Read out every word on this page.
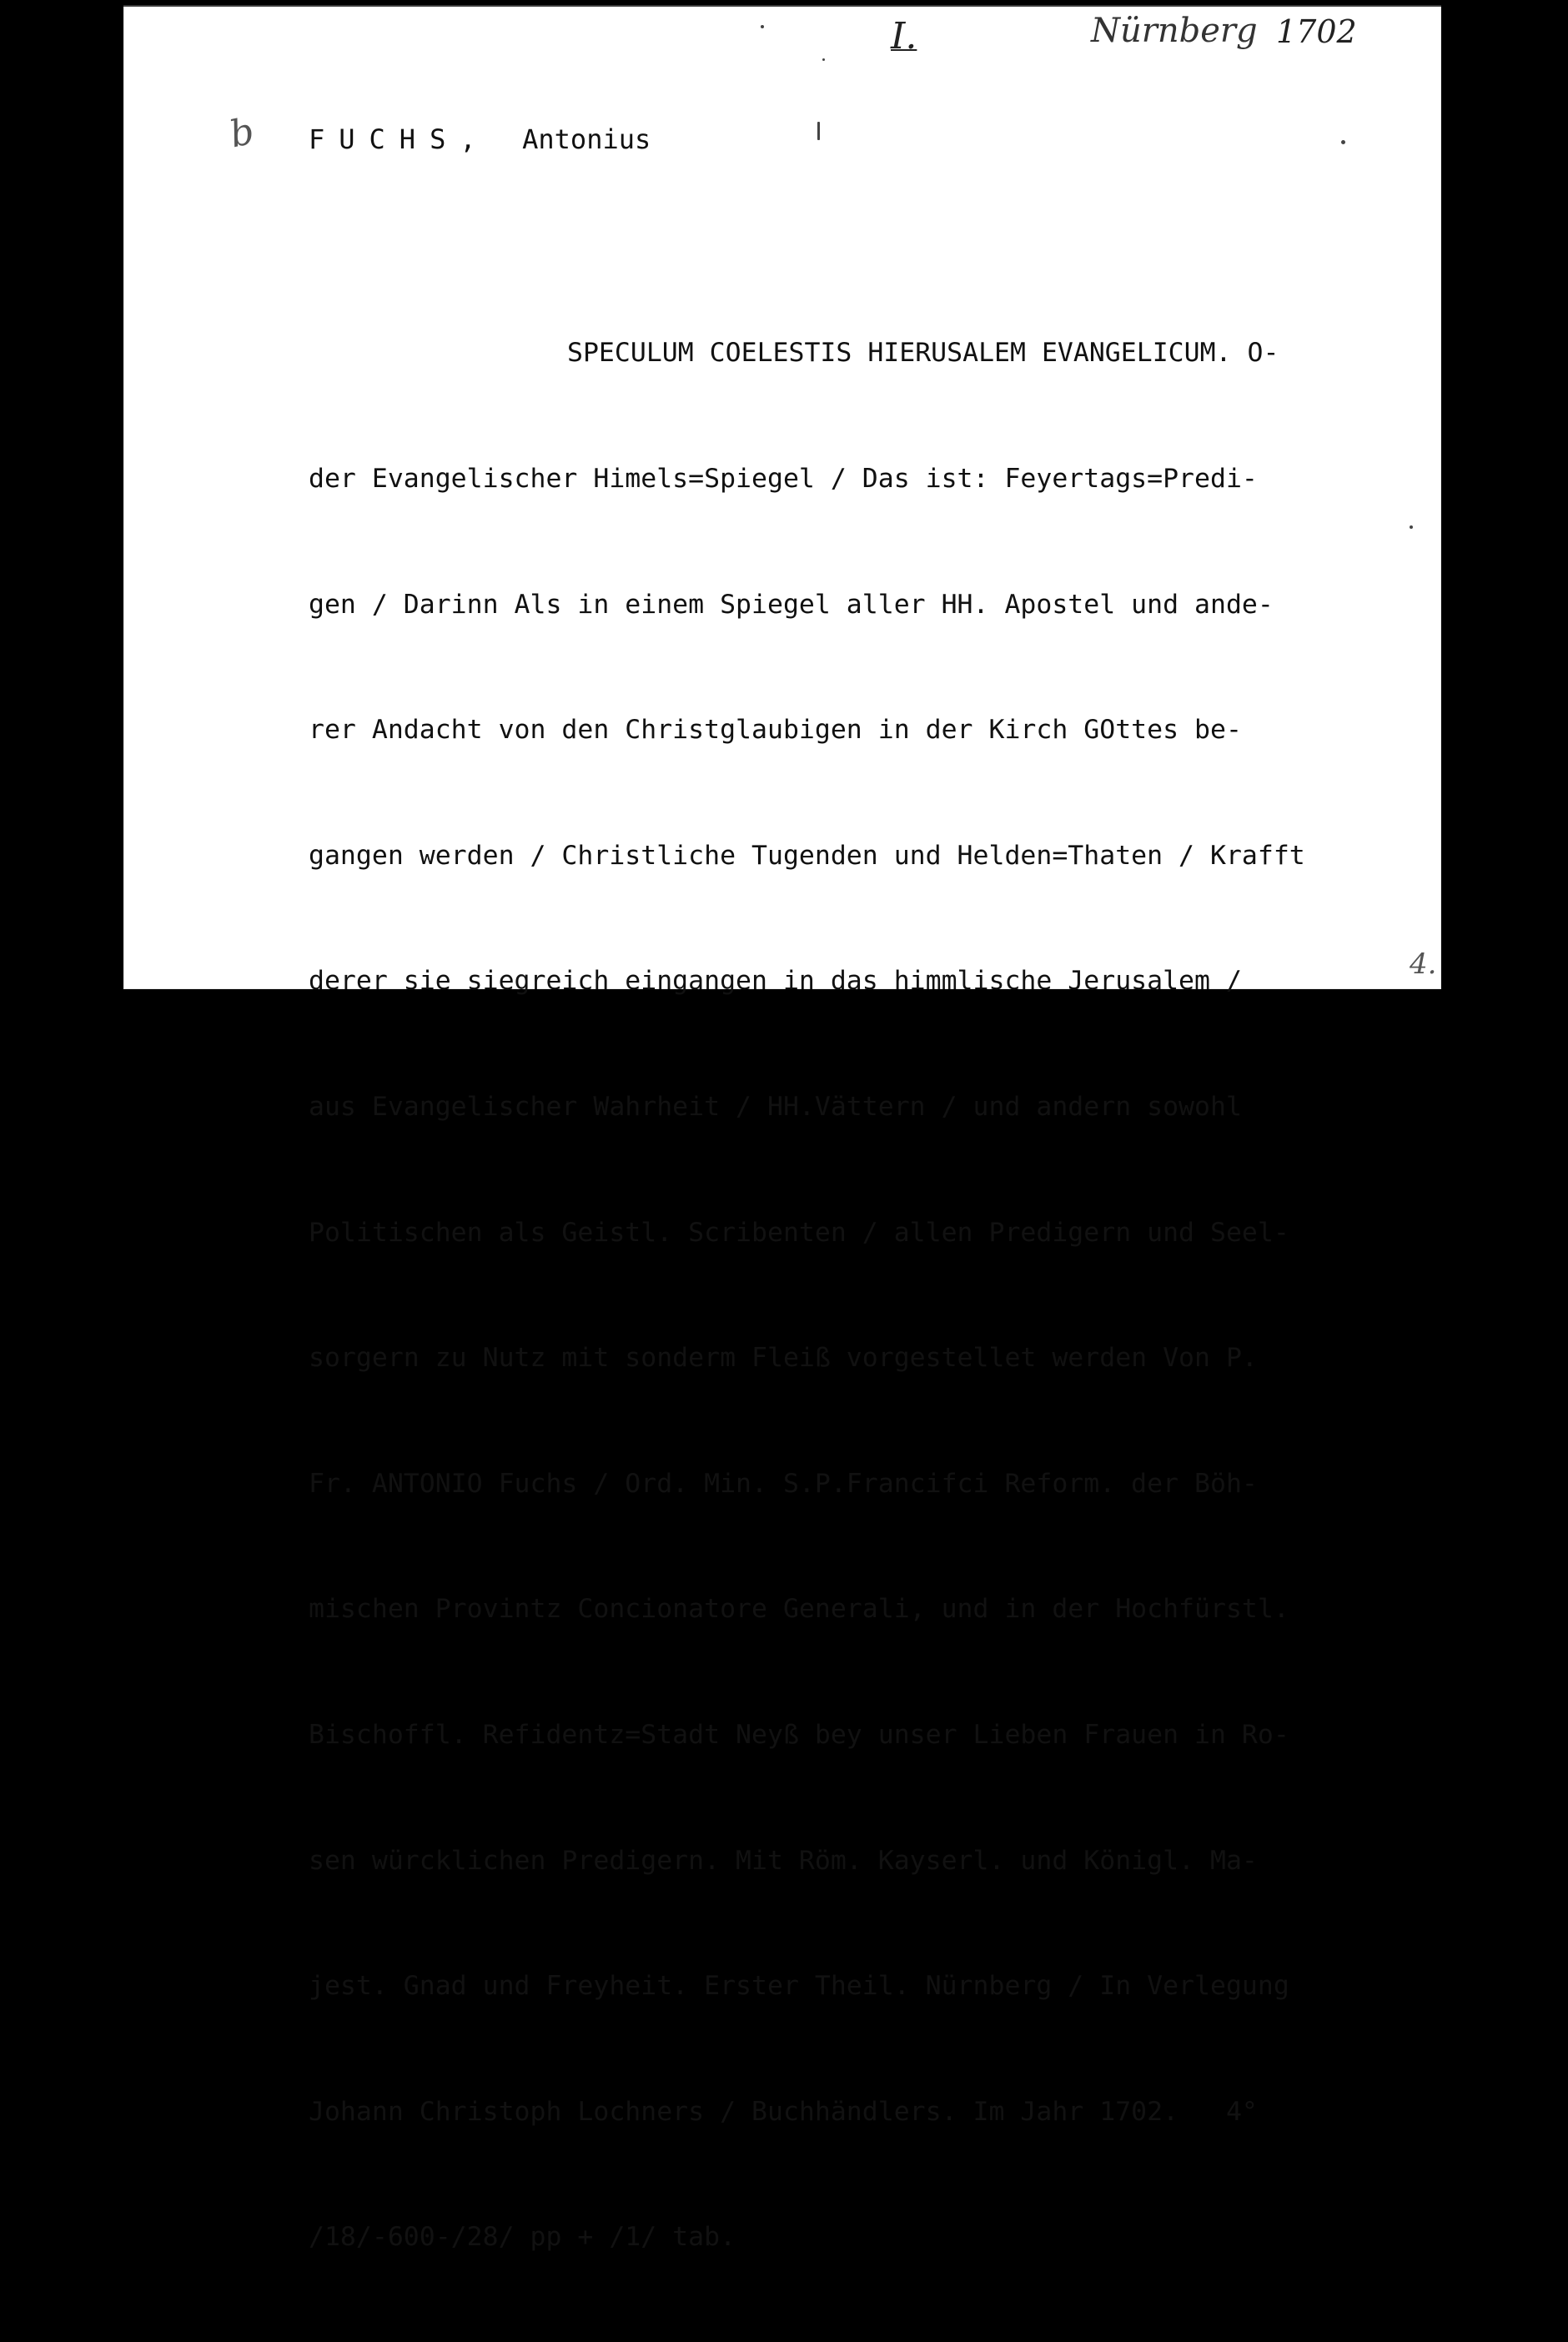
I.	Nürnberg 1702
b
4.
FUCHS, Antonius

SPECULUM COELESTIS HIERUSALEM EVANGELICUM. O-

der Evangelischer Himels=Spiegel / Das ist: Feyertags=Predi-

gen / Darinn Als in einem Spiegel aller HH. Apostel und ande-

rer Andacht von den Christglaubigen in der Kirch GOttes be-

gangen werden / Christliche Tugenden und Helden=Thaten / Krafft

derer sie siegreich eingangen in das himmlische Jerusalem /

aus Evangelischer Wahrheit / HH.Vättern / und andern sowohl

Politischen als Geistl. Scribenten / allen Predigern und Seel-

sorgern zu Nutz mit sonderm Fleiß vorgestellet werden Von P.

Fr. ANTONIO Fuchs / Ord. Min. S.P.Francifci Reform. der Böh-

mischen Provintz Concionatore Generali, und in der Hochfürstl.

Bischoffl. Refidentz=Stadt Neyß bey unser Lieben Frauen in Ro-

sen würcklichen Predigern. Mit Röm. Kayserl. und Königl. Ma-

jest. Gnad und Freyheit. Erster Theil. Nürnberg / In Verlegung

Johann Christoph Lochners / Buchhändlers. Im Jahr 1702.   4°

/18/-600-/28/ pp + /1/ tab.
